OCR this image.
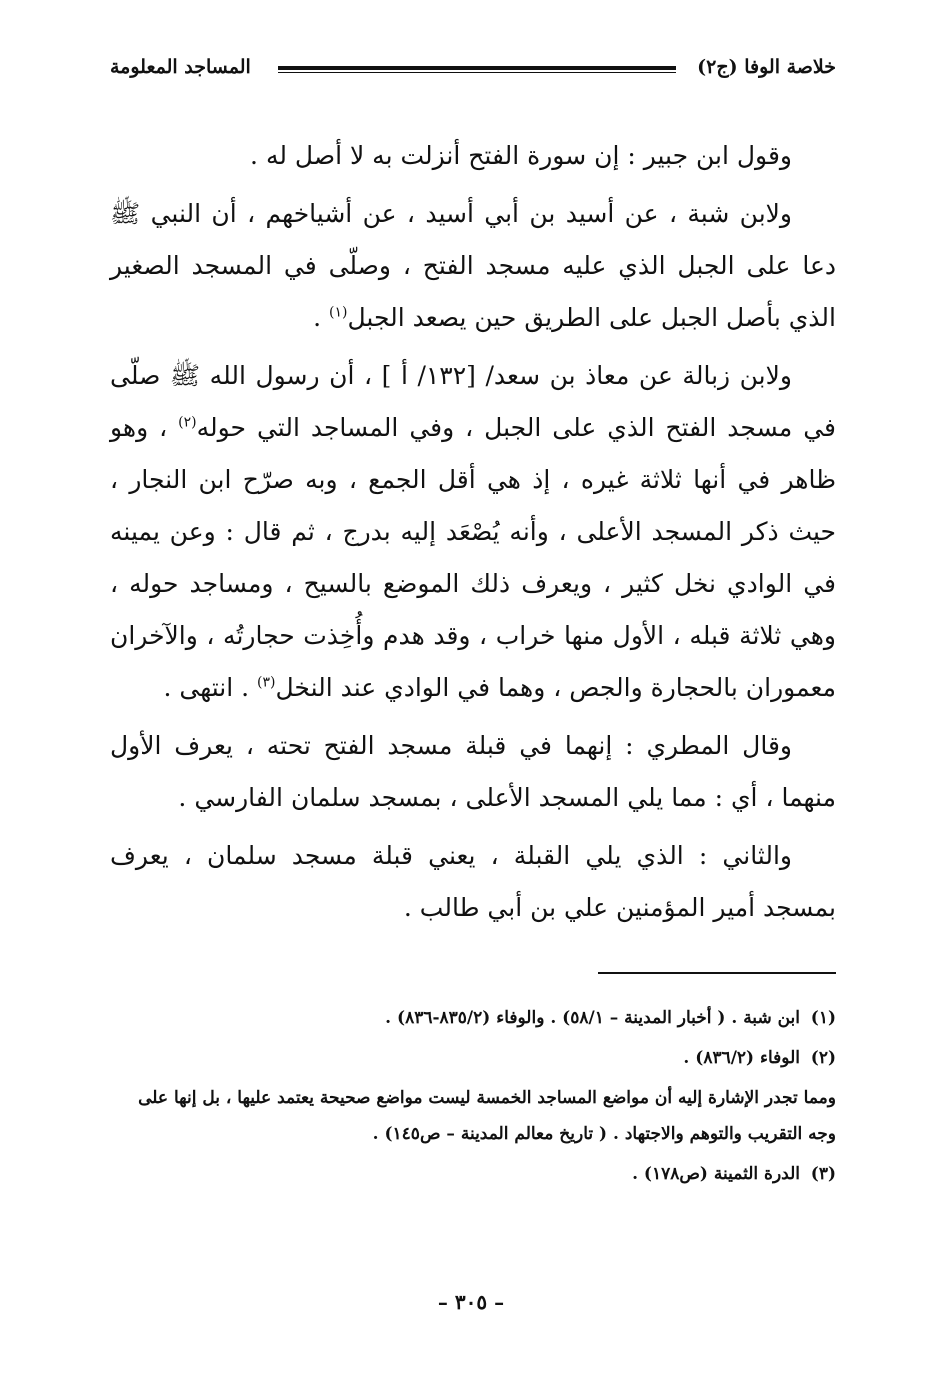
خلاصة الوفا (ج٢)
المساجد المعلومة

وقول ابن جبير : إن سورة الفتح أنزلت به لا أصل له .

ولابن شبة ، عن أسيد بن أبي أسيد ، عن أشياخهم ، أن النبي ﷺ دعا على الجبل الذي عليه مسجد الفتح ، وصلّى في المسجد الصغير الذي بأصل الجبل على الطريق حين يصعد الجبل$^{(١)}$ .

ولابن زبالة عن معاذ بن سعد/ [١٣٢/ أ ] ، أن رسول الله ﷺ صلّى في مسجد الفتح الذي على الجبل ، وفي المساجد التي حوله$^{(٢)}$ ، وهو ظاهر في أنها ثلاثة غيره ، إذ هي أقل الجمع ، وبه صرّح ابن النجار ، حيث ذكر المسجد الأعلى ، وأنه يُصْعَد إليه بدرج ، ثم قال : وعن يمينه في الوادي نخل كثير ، ويعرف ذلك الموضع بالسيح ، ومساجد حوله ، وهي ثلاثة قبله ، الأول منها خراب ، وقد هدم وأُخِذت حجارتُه ، والآخران معموران بالحجارة والجص ، وهما في الوادي عند النخل$^{(٣)}$ . انتهى .

وقال المطري : إنهما في قبلة مسجد الفتح تحته ، يعرف الأول منهما ، أي : مما يلي المسجد الأعلى ، بمسجد سلمان الفارسي .

والثاني : الذي يلي القبلة ، يعني قبلة مسجد سلمان ، يعرف بمسجد أمير المؤمنين علي بن أبي طالب .

(١)ابن شبة . ( أخبار المدينة – ٥٨/١) . والوفاء (٨٣٥/٢-٨٣٦) .

(٢)الوفاء (٨٣٦/٢) .

ومما تجدر الإشارة إليه أن مواضع المساجد الخمسة ليست مواضع صحيحة يعتمد عليها ، بل إنها على وجه التقريب والتوهم والاجتهاد . ( تاريخ معالم المدينة – ص١٤٥) .

(٣)الدرة الثمينة (ص١٧٨) .

– ٣٠٥ –
